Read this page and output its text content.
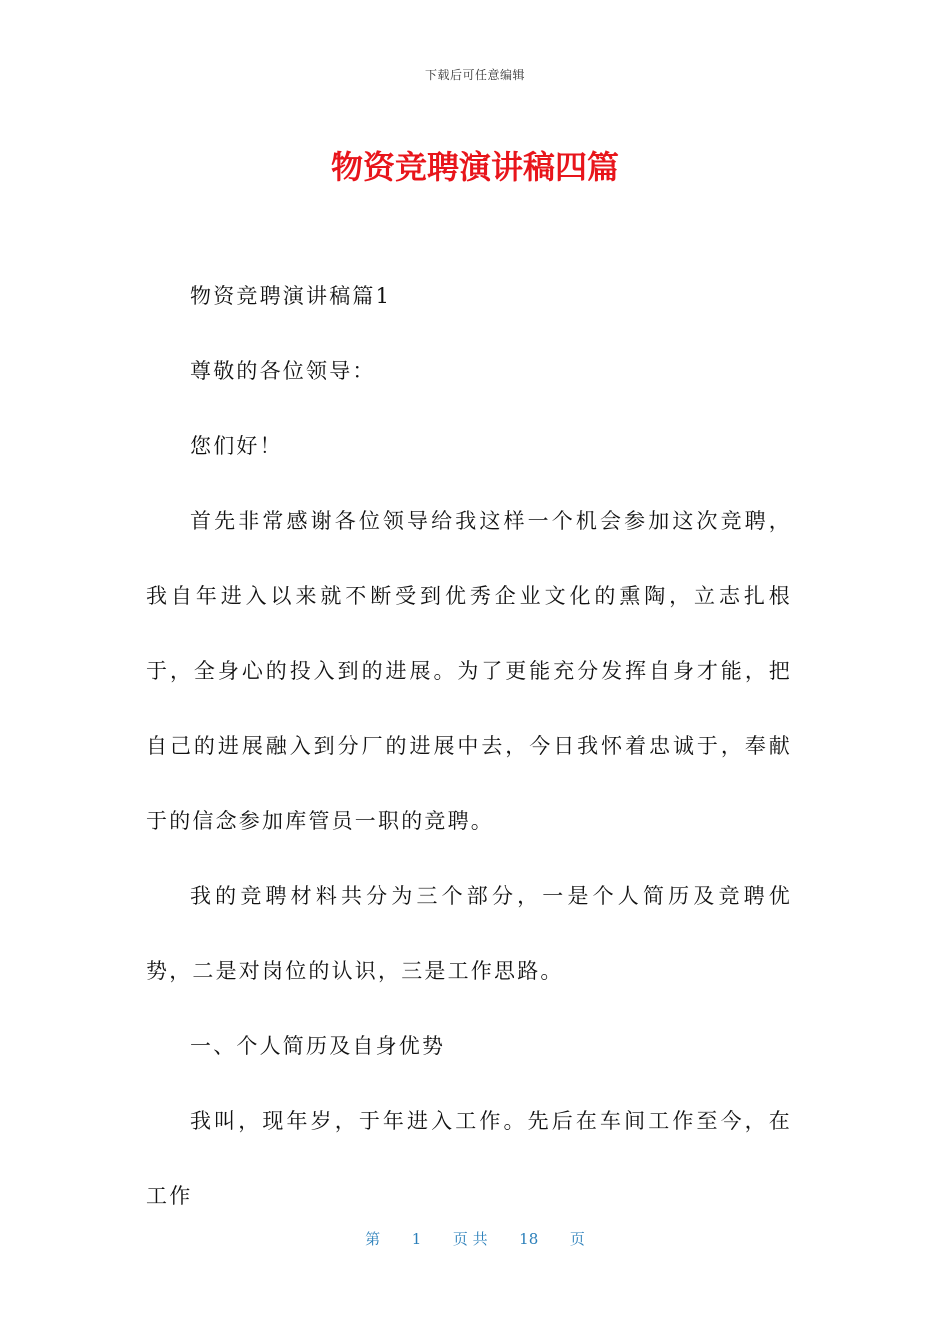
下载后可任意编辑
物资竞聘演讲稿四篇

物资竞聘演讲稿篇1

尊敬的各位领导：

您们好！

首先非常感谢各位领导给我这样一个机会参加这次竞聘，我自年进入以来就不断受到优秀企业文化的熏陶，立志扎根于，全身心的投入到的进展。为了更能充分发挥自身才能，把自己的进展融入到分厂的进展中去，今日我怀着忠诚于，奉献于的信念参加库管员一职的竞聘。

我的竞聘材料共分为三个部分，一是个人简历及竞聘优势，二是对岗位的认识，三是工作思路。

一、个人简历及自身优势

我叫，现年岁，于年进入工作。先后在车间工作至今，在工作

第 1 页 共 18 页
